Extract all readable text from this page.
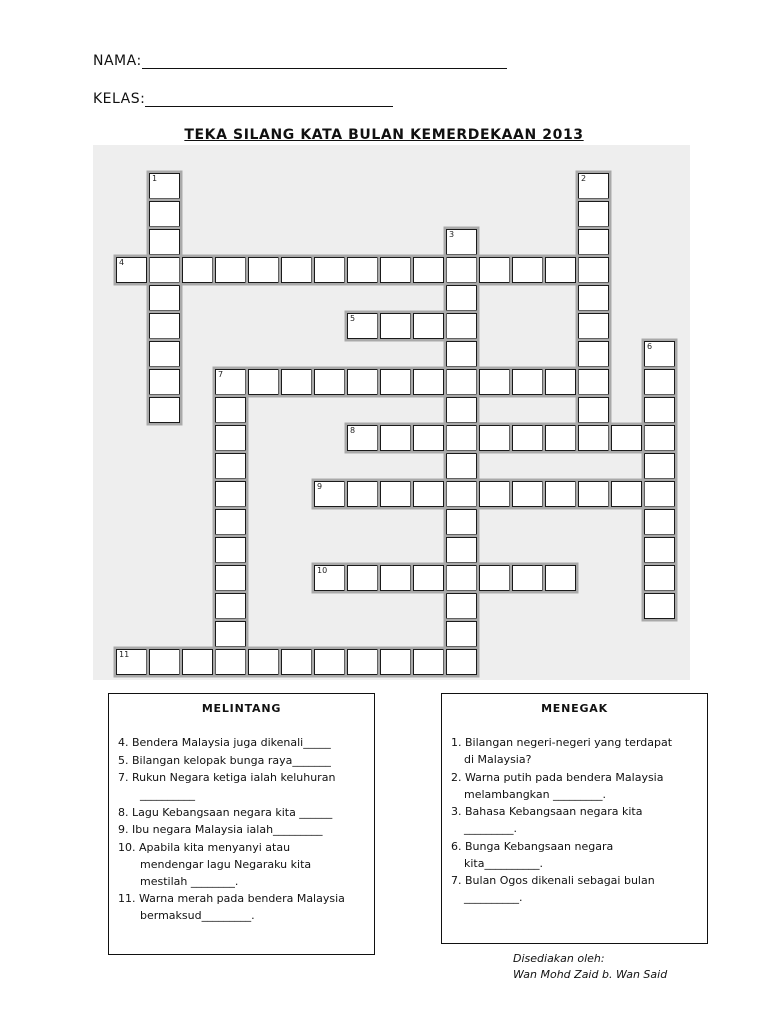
NAMA:
KELAS:
TEKA SILANG KATA BULAN KEMERDEKAAN 2013
1	2
3
4
5
6
7
8
9
10
11
MELINTANG
4. Bendera Malaysia juga dikenali_____
5. Bilangan kelopak bunga raya_______
7. Rukun Negara ketiga ialah keluhuran
__________
8. Lagu Kebangsaan negara kita ______
9. Ibu negara Malaysia ialah_________
10. Apabila kita menyanyi atau
mendengar lagu Negaraku kita
mestilah ________.
11. Warna merah pada bendera Malaysia
bermaksud_________.
MENEGAK
1. Bilangan negeri-negeri yang terdapat
di Malaysia?
2. Warna putih pada bendera Malaysia
melambangkan _________.
3. Bahasa Kebangsaan negara kita
_________.
6. Bunga Kebangsaan negara
kita__________.
7. Bulan Ogos dikenali sebagai bulan
__________.
Disediakan oleh:
Wan Mohd Zaid b. Wan Said
